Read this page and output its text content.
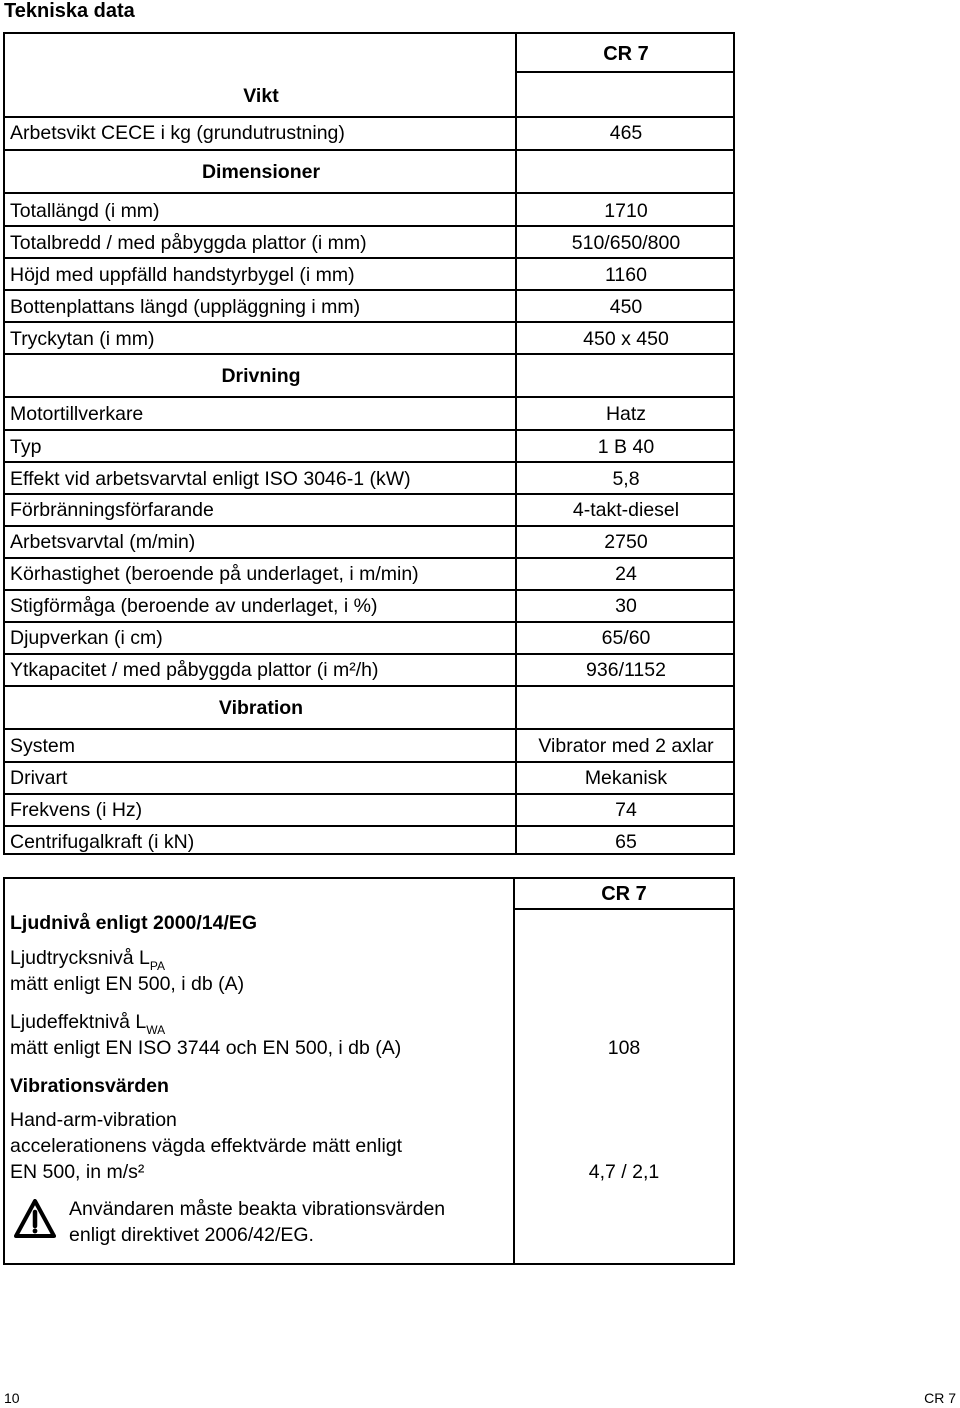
Tekniska data
CR 7
Vikt
Arbetsvikt CECE i kg (grundutrustning)	465
Dimensioner
Totallängd (i mm)	1710
Totalbredd / med påbyggda plattor (i mm)	510/650/800
Höjd med uppfälld handstyrbygel (i mm)	1160
Bottenplattans längd (uppläggning i mm)	450
Tryckytan (i mm)	450 x 450
Drivning
Motortillverkare	Hatz
Typ	1 B 40
Effekt vid arbetsvarvtal enligt ISO 3046-1 (kW)	5,8
Förbränningsförfarande	4-takt-diesel
Arbetsvarvtal (m/min)	2750
Körhastighet (beroende på underlaget, i m/min)	24
Stigförmåga (beroende av underlaget, i %)	30
Djupverkan (i cm)	65/60
Ytkapacitet / med påbyggda plattor (i m²/h)	936/1152
Vibration
System	Vibrator med 2 axlar
Drivart	Mekanisk
Frekvens (i Hz)	74
Centrifugalkraft (i kN)	65
CR 7
Ljudnivå enligt 2000/14/EG
Ljudtrycksnivå $L_{PA}$
mätt enligt EN 500, i db (A)
Ljudeffektnivå $L_{WA}$
mätt enligt EN ISO 3744 och EN 500, i db (A)	108
Vibrationsvärden
Hand-arm-vibration
accelerationens vägda effektvärde mätt enligt
EN 500, in m/s²	4,7 / 2,1
Användaren måste beakta vibrationsvärden
enligt direktivet 2006/42/EG.
10	CR 7
